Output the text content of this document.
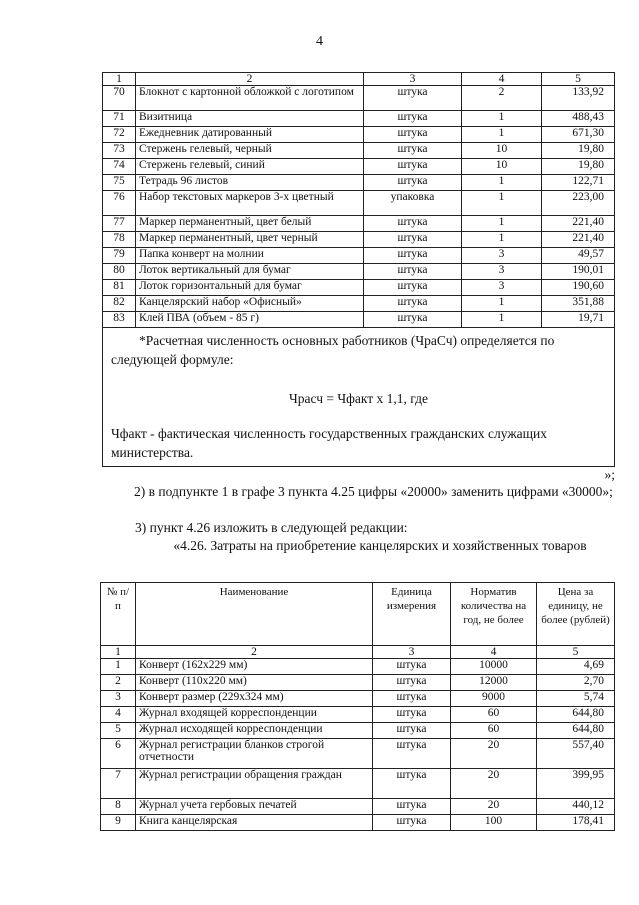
4
1	2	3	4	5
70	Блокнот с картонной обложкой с логотипом	штука	2	133,92
71	Визитница	штука	1	488,43
72	Ежедневник датированный	штука	1	671,30
73	Стержень гелевый, черный	штука	10	19,80
74	Стержень гелевый, синий	штука	10	19,80
75	Тетрадь 96 листов	штука	1	122,71
76	Набор текстовых маркеров 3-х цветный	упаковка	1	223,00
77	Маркер перманентный, цвет белый	штука	1	221,40
78	Маркер перманентный, цвет черный	штука	1	221,40
79	Папка конверт на молнии	штука	3	49,57
80	Лоток вертикальный для бумаг	штука	3	190,01
81	Лоток горизонтальный для бумаг	штука	3	190,60
82	Канцелярский набор «Офисный»	штука	1	351,88
83	Клей ПВА (объем - 85 г)	штука	1	19,71

*Расчетная численность основных работников (ЧраСч) определяется по следующей формуле:

Чрасч = Чфакт х 1,1, где

Чфакт - фактическая численность государственных гражданских служащих министерства.				

»;
2) в подпункте 1 в графе 3 пункта 4.25 цифры «20000» заменить цифрами «30000»;
3) пункт 4.26 изложить в следующей редакции:
«4.26. Затраты на приобретение канцелярских и хозяйственных товаров
№ п/п	Наименование	Единица измерения	Норматив количества на год, не более	Цена за единицу, не более (рублей)
1	2	3	4	5
1	Конверт (162х229 мм)	штука	10000	4,69
2	Конверт (110х220 мм)	штука	12000	2,70
3	Конверт размер (229х324 мм)	штука	9000	5,74
4	Журнал входящей корреспонденции	штука	60	644,80
5	Журнал исходящей корреспонденции	штука	60	644,80
6	Журнал регистрации бланков строгой отчетности	штука	20	557,40
7	Журнал регистрации обращения граждан	штука	20	399,95
8	Журнал учета гербовых печатей	штука	20	440,12
9	Книга канцелярская	штука	100	178,41
